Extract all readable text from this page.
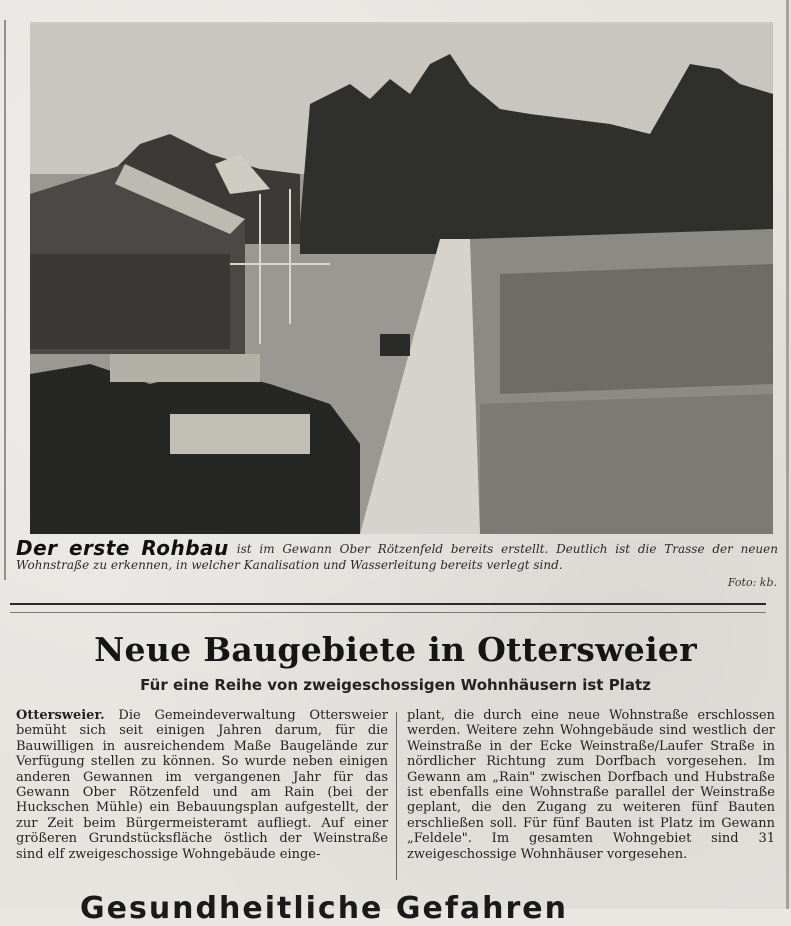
Der erste Rohbau ist im Gewann Ober Rötzenfeld bereits erstellt. Deutlich ist die Trasse der neuen Wohnstraße zu erkennen, in welcher Kanalisation und Wasserleitung bereits verlegt sind.
Foto: kb.
Neue Baugebiete in Ottersweier
Für eine Reihe von zweigeschossigen Wohnhäusern ist Platz
Ottersweier. Die Gemeindeverwaltung Ottersweier bemüht sich seit einigen Jahren darum, für die Bauwilligen in ausreichendem Maße Baugelände zur Verfügung stellen zu können. So wurde neben einigen anderen Gewannen im vergangenen Jahr für das Gewann Ober Rötzenfeld und am Rain (bei der Huckschen Mühle) ein Bebauungsplan aufgestellt, der zur Zeit beim Bürgermeisteramt aufliegt. Auf einer größeren Grundstücksfläche östlich der Weinstraße sind elf zweigeschossige Wohngebäude einge-
plant, die durch eine neue Wohnstraße erschlossen werden. Weitere zehn Wohngebäude sind westlich der Weinstraße in der Ecke Weinstraße/Laufer Straße in nördlicher Richtung zum Dorfbach vorgesehen. Im Gewann am „Rain" zwischen Dorfbach und Hubstraße ist ebenfalls eine Wohnstraße parallel der Weinstraße geplant, die den Zugang zu weiteren fünf Bauten erschließen soll. Für fünf Bauten ist Platz im Gewann „Feldele". Im gesamten Wohngebiet sind 31 zweigeschossige Wohnhäuser vorgesehen.
Gesundheitliche Gefahren
